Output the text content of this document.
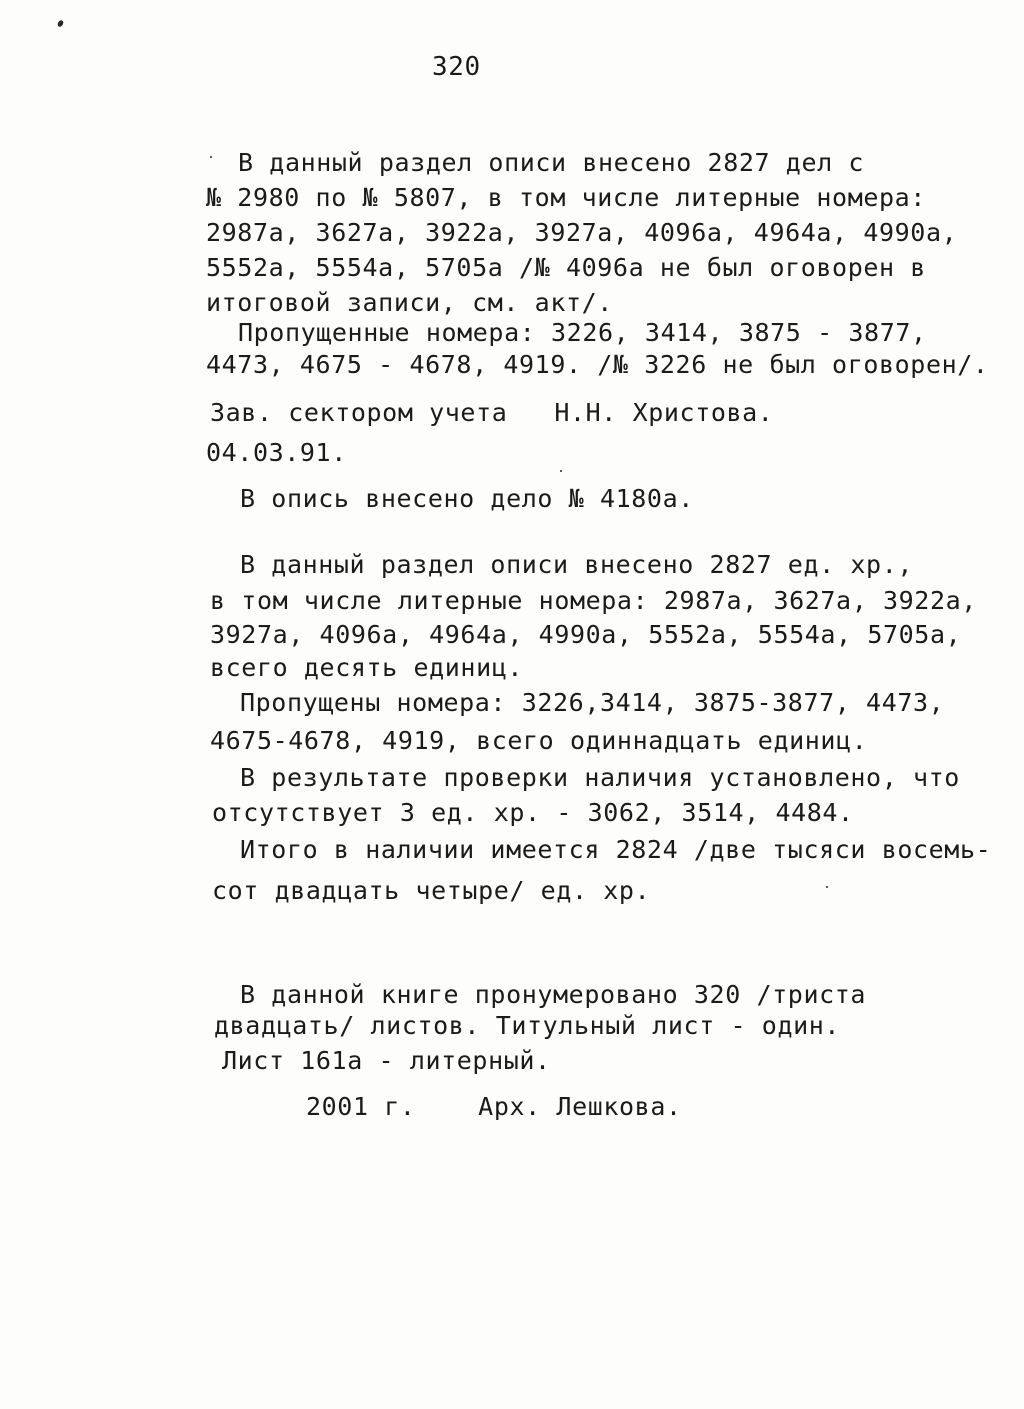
320
В данный раздел описи внесено 2827 дел с
№ 2980 по № 5807, в том числе литерные номера:
2987а, 3627а, 3922а, 3927а, 4096а, 4964а, 4990а,
5552а, 5554а, 5705а /№ 4096а не был оговорен в
итоговой записи, см. акт/.
Пропущенные номера: 3226, 3414, 3875 - 3877,
4473, 4675 - 4678, 4919. /№ 3226 не был оговорен/.
Зав. сектором учета   Н.Н. Христова.
04.03.91.
В опись внесено дело № 4180а.
В данный раздел описи внесено 2827 ед. хр.,
в том числе литерные номера: 2987а, 3627а, 3922а,
3927а, 4096а, 4964а, 4990а, 5552а, 5554а, 5705а,
всего десять единиц.
Пропущены номера: 3226,3414, 3875-3877, 4473,
4675-4678, 4919, всего одиннадцать единиц.
В результате проверки наличия установлено, что
отсутствует 3 ед. хр. - 3062, 3514, 4484.
Итого в наличии имеется 2824 /две тысяси восемь-
сот двадцать четыре/ ед. хр.
В данной книге пронумеровано 320 /триста
двадцать/ листов. Титульный лист - один.
Лист 161а - литерный.
2001 г.    Арх. Лешкова.
